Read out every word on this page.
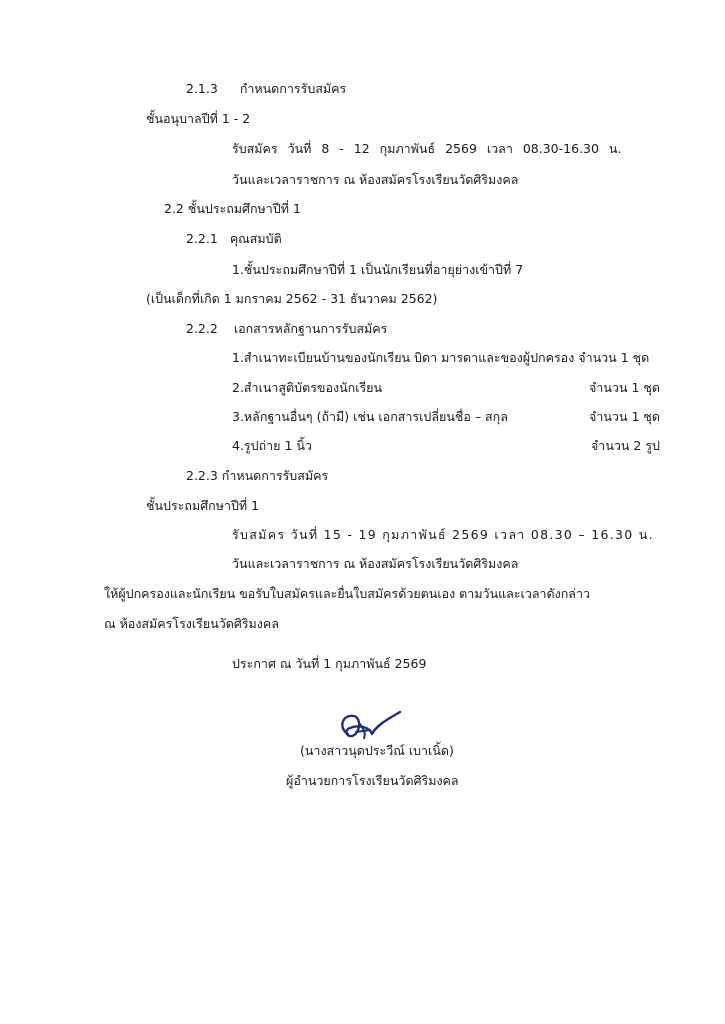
2.1.3 กำหนดการรับสมัคร
ชั้นอนุบาลปีที่ 1 - 2
รับสมัคร วันที่ 8 - 12 กุมภาพันธ์ 2569 เวลา 08.30-16.30 น.
วันและเวลาราชการ ณ ห้องสมัครโรงเรียนวัดศิริมงคล
2.2 ชั้นประถมศึกษาปีที่ 1
2.2.1 คุณสมบัติ
1.ชั้นประถมศึกษาปีที่ 1 เป็นนักเรียนที่อายุย่างเข้าปีที่ 7
(เป็นเด็กที่เกิด 1 มกราคม 2562 - 31 ธันวาคม 2562)
2.2.2 เอกสารหลักฐานการรับสมัคร
1.สำเนาทะเบียนบ้านของนักเรียน บิดา มารดาและของผู้ปกครอง จำนวน 1 ชุด
2.สำเนาสูติบัตรของนักเรียน	จำนวน 1 ชุด
3.หลักฐานอื่นๆ (ถ้ามี) เช่น เอกสารเปลี่ยนชื่อ – สกุล	จำนวน 1 ชุด
4.รูปถ่าย 1 นิ้ว	จำนวน 2 รูป
2.2.3 กำหนดการรับสมัคร
ชั้นประถมศึกษาปีที่ 1
รับสมัคร วันที่ 15 - 19 กุมภาพันธ์ 2569 เวลา 08.30 – 16.30 น.
วันและเวลาราชการ ณ ห้องสมัครโรงเรียนวัดศิริมงคล
ให้ผู้ปกครองและนักเรียน ขอรับใบสมัครและยื่นใบสมัครด้วยตนเอง ตามวันและเวลาดังกล่าว
ณ ห้องสมัครโรงเรียนวัดศิริมงคล
ประกาศ ณ วันที่ 1 กุมภาพันธ์ 2569
(นางสาวนุดประวีณ์ เบาเนิ้ด)
ผู้อำนวยการโรงเรียนวัดศิริมงคล
